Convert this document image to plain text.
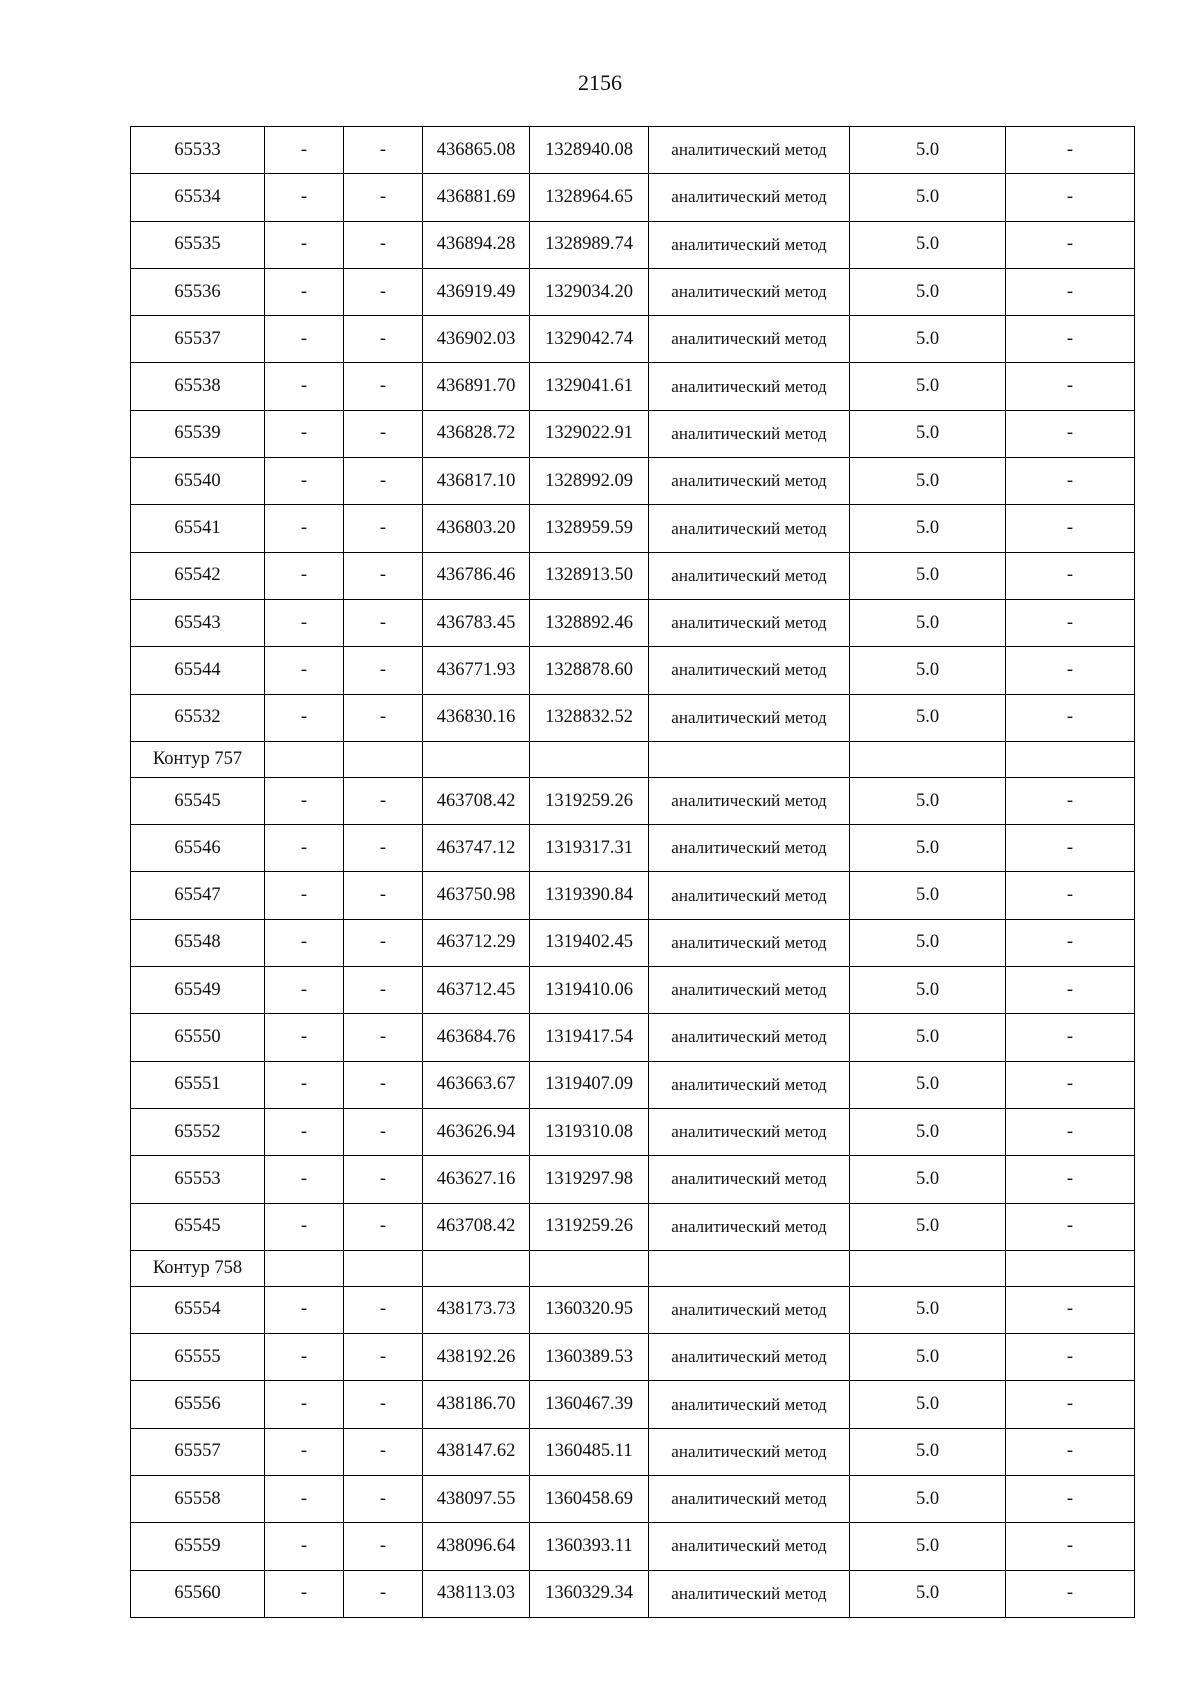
2156
65533	-	-	436865.08	1328940.08	аналитический метод	5.0	-
65534	-	-	436881.69	1328964.65	аналитический метод	5.0	-
65535	-	-	436894.28	1328989.74	аналитический метод	5.0	-
65536	-	-	436919.49	1329034.20	аналитический метод	5.0	-
65537	-	-	436902.03	1329042.74	аналитический метод	5.0	-
65538	-	-	436891.70	1329041.61	аналитический метод	5.0	-
65539	-	-	436828.72	1329022.91	аналитический метод	5.0	-
65540	-	-	436817.10	1328992.09	аналитический метод	5.0	-
65541	-	-	436803.20	1328959.59	аналитический метод	5.0	-
65542	-	-	436786.46	1328913.50	аналитический метод	5.0	-
65543	-	-	436783.45	1328892.46	аналитический метод	5.0	-
65544	-	-	436771.93	1328878.60	аналитический метод	5.0	-
65532	-	-	436830.16	1328832.52	аналитический метод	5.0	-
Контур 757							
65545	-	-	463708.42	1319259.26	аналитический метод	5.0	-
65546	-	-	463747.12	1319317.31	аналитический метод	5.0	-
65547	-	-	463750.98	1319390.84	аналитический метод	5.0	-
65548	-	-	463712.29	1319402.45	аналитический метод	5.0	-
65549	-	-	463712.45	1319410.06	аналитический метод	5.0	-
65550	-	-	463684.76	1319417.54	аналитический метод	5.0	-
65551	-	-	463663.67	1319407.09	аналитический метод	5.0	-
65552	-	-	463626.94	1319310.08	аналитический метод	5.0	-
65553	-	-	463627.16	1319297.98	аналитический метод	5.0	-
65545	-	-	463708.42	1319259.26	аналитический метод	5.0	-
Контур 758							
65554	-	-	438173.73	1360320.95	аналитический метод	5.0	-
65555	-	-	438192.26	1360389.53	аналитический метод	5.0	-
65556	-	-	438186.70	1360467.39	аналитический метод	5.0	-
65557	-	-	438147.62	1360485.11	аналитический метод	5.0	-
65558	-	-	438097.55	1360458.69	аналитический метод	5.0	-
65559	-	-	438096.64	1360393.11	аналитический метод	5.0	-
65560	-	-	438113.03	1360329.34	аналитический метод	5.0	-
